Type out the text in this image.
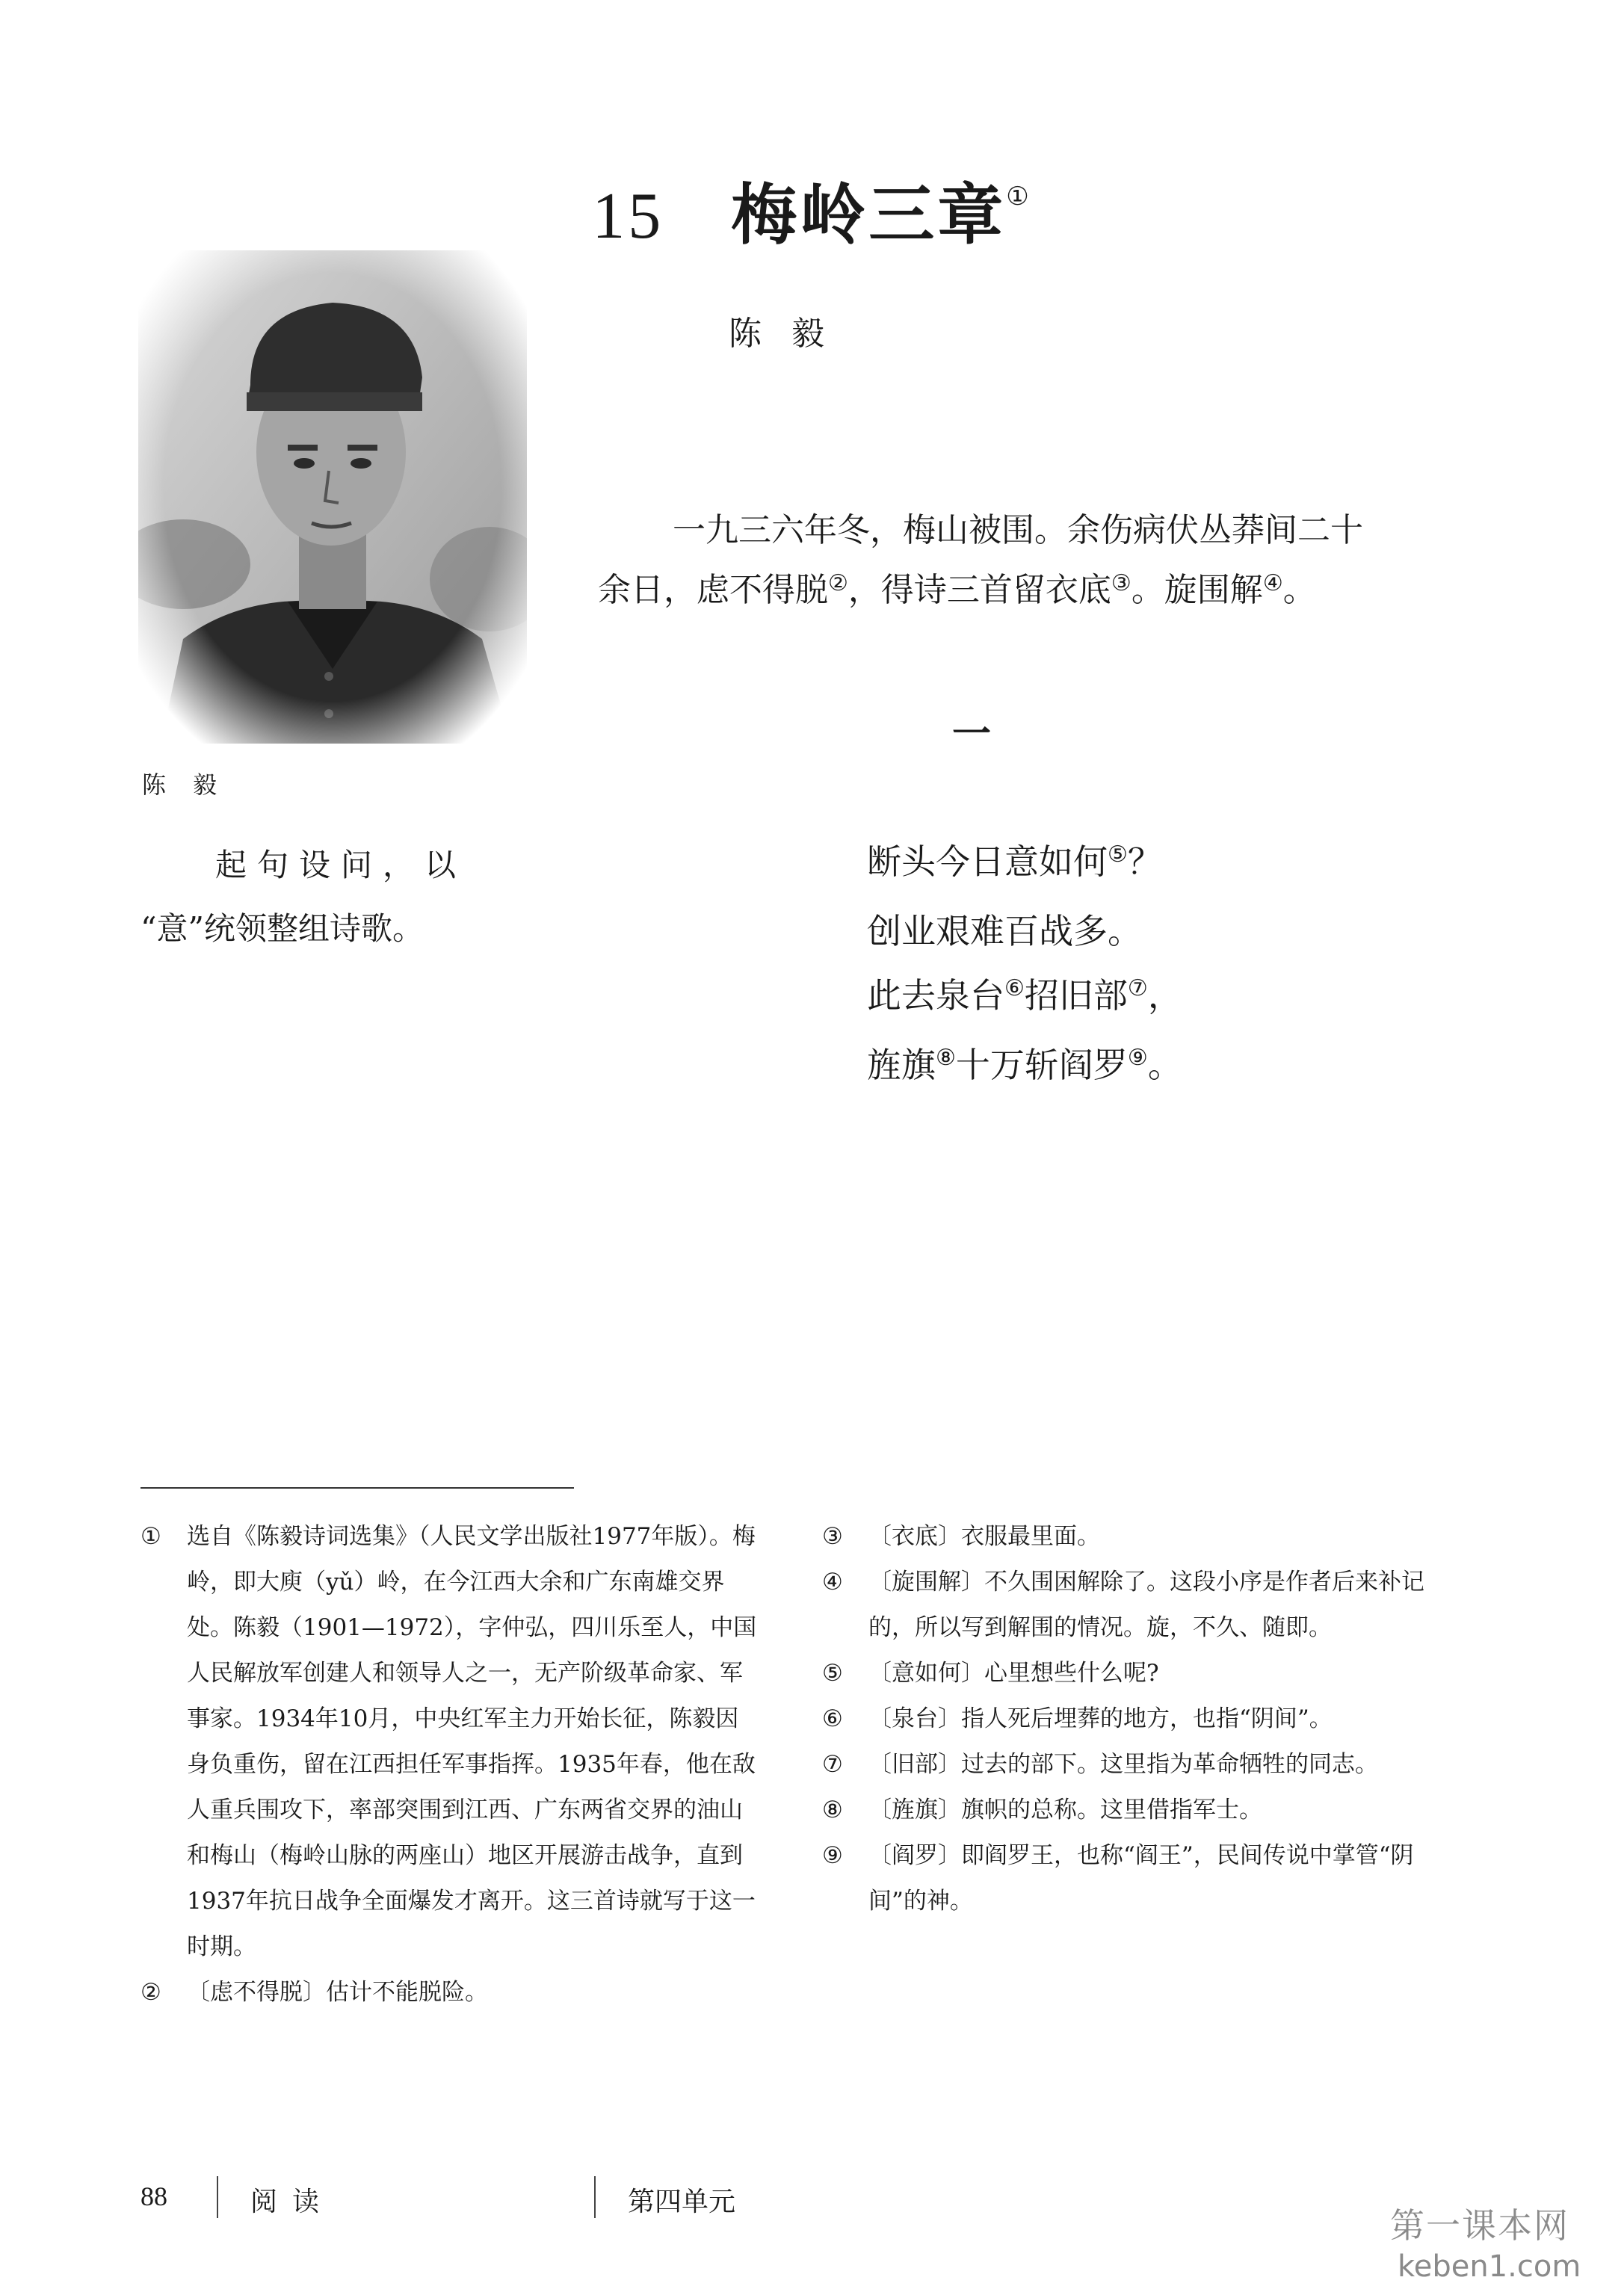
15 梅岭三章①
陈毅
陈毅

一九三六年冬，梅山被围。余伤病伏丛莽间二十

余日，虑不得脱②，得诗三首留衣底③。旋围解④。

一
起句设问，以
“意”统领整组诗歌。
断头今日意如何⑤？
创业艰难百战多。
此去泉台⑥招旧部⑦，
旌旗⑧十万斩阎罗⑨。
① 选自《陈毅诗词选集》（人民文学出版社1977年版）。梅岭，即大庾（yǔ）岭，在今江西大余和广东南雄交界处。陈毅（1901—1972），字仲弘，四川乐至人，中国人民解放军创建人和领导人之一，无产阶级革命家、军事家。1934年10月，中央红军主力开始长征，陈毅因身负重伤，留在江西担任军事指挥。1935年春，他在敌人重兵围攻下，率部突围到江西、广东两省交界的油山和梅山（梅岭山脉的两座山）地区开展游击战争，直到1937年抗日战争全面爆发才离开。这三首诗就写于这一时期。

② 〔虑不得脱〕估计不能脱险。

③ 〔衣底〕衣服最里面。

④ 〔旋围解〕不久围困解除了。这段小序是作者后来补记的，所以写到解围的情况。旋，不久、随即。

⑤ 〔意如何〕心里想些什么呢?

⑥ 〔泉台〕指人死后埋葬的地方，也指“阴间”。

⑦ 〔旧部〕过去的部下。这里指为革命牺牲的同志。

⑧ 〔旌旗〕旗帜的总称。这里借指军士。

⑨ 〔阎罗〕即阎罗王，也称“阎王”，民间传说中掌管“阴间”的神。

88	阅读	第四单元
第一课本网
keben1.com
